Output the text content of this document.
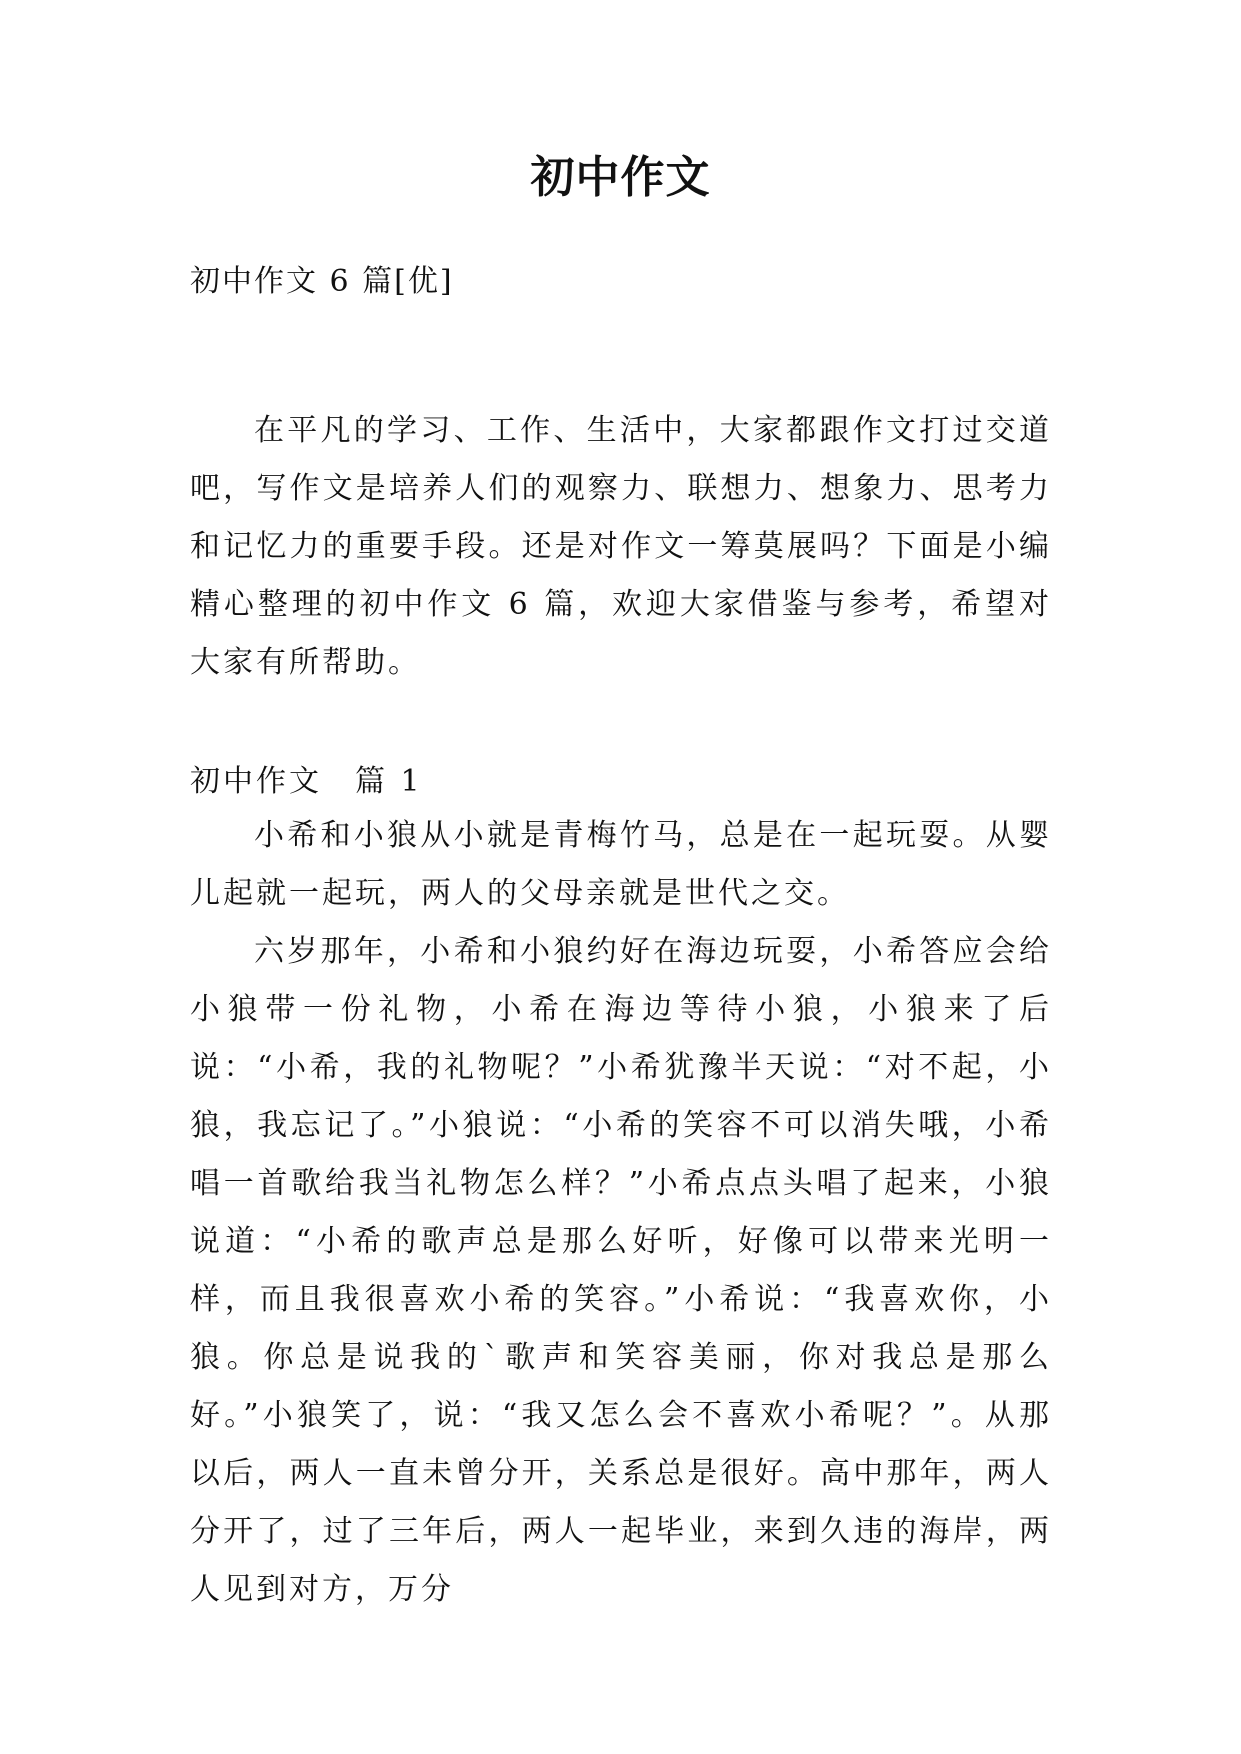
初中作文
初中作文 6 篇[优]

在平凡的学习、工作、生活中，大家都跟作文打过交道吧，写作文是培养人们的观察力、联想力、想象力、思考力和记忆力的重要手段。还是对作文一筹莫展吗？下面是小编精心整理的初中作文 6 篇，欢迎大家借鉴与参考，希望对大家有所帮助。

初中作文　篇 1

小希和小狼从小就是青梅竹马，总是在一起玩耍。从婴儿起就一起玩，两人的父母亲就是世代之交。

六岁那年，小希和小狼约好在海边玩耍，小希答应会给小狼带一份礼物，小希在海边等待小狼，小狼来了后说：“小希，我的礼物呢？”小希犹豫半天说：“对不起，小狼，我忘记了。”小狼说：“小希的笑容不可以消失哦，小希唱一首歌给我当礼物怎么样？”小希点点头唱了起来，小狼说道：“小希的歌声总是那么好听，好像可以带来光明一样，而且我很喜欢小希的笑容。”小希说：“我喜欢你，小狼。你总是说我的`歌声和笑容美丽，你对我总是那么好。”小狼笑了，说：“我又怎么会不喜欢小希呢？”。从那以后，两人一直未曾分开，关系总是很好。高中那年，两人分开了，过了三年后，两人一起毕业，来到久违的海岸，两人见到对方，万分
